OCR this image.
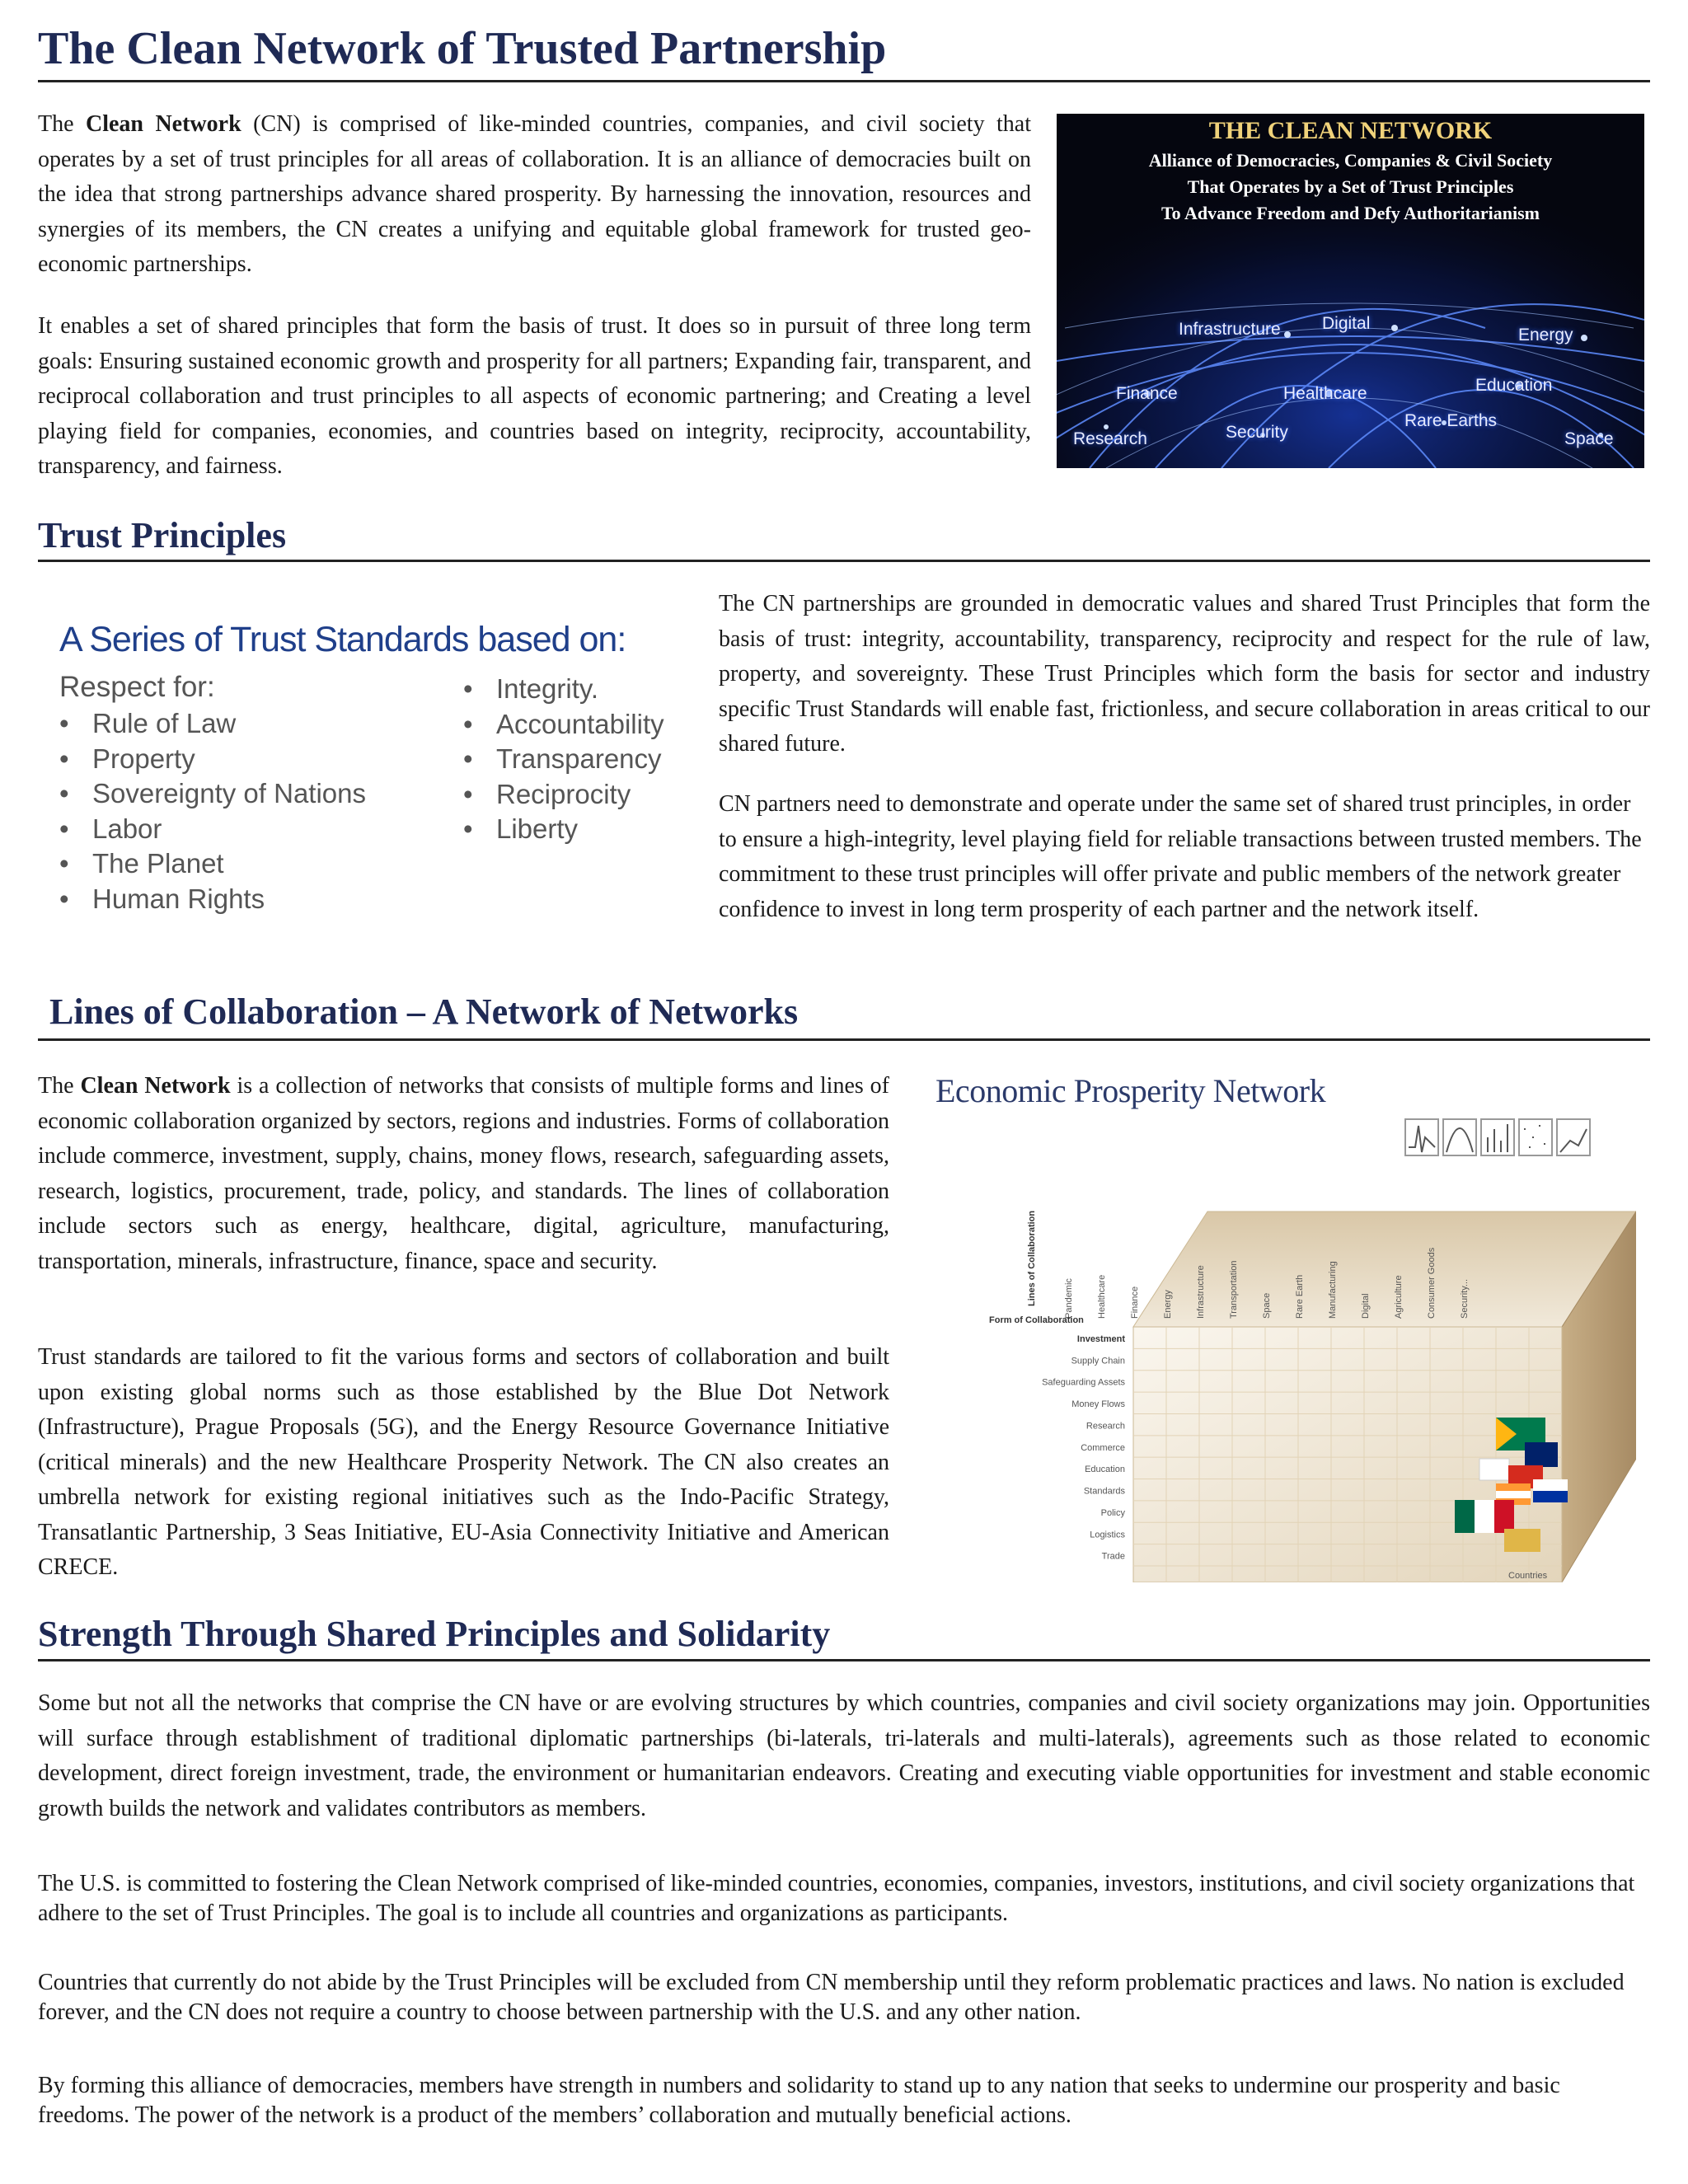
The Clean Network of Trusted Partnership
Trust Principles
Lines of Collaboration – A Network of Networks
Strength Through Shared Principles and Solidarity

The Clean Network (CN) is comprised of like-minded countries, companies, and civil society that operates by a set of trust principles for all areas of collaboration. It is an alliance of democracies built on the idea that strong partnerships advance shared prosperity. By harnessing the innovation, resources and synergies of its members, the CN creates a unifying and equitable global framework for trusted geo-economic partnerships.

It enables a set of shared principles that form the basis of trust. It does so in pursuit of three long term goals: Ensuring sustained economic growth and prosperity for all partners; Expanding fair, transparent, and reciprocal collaboration and trust principles to all aspects of economic partnering; and Creating a level playing field for companies, economies, and countries based on integrity, reciprocity, accountability, transparency, and fairness.

THE CLEAN NETWORK
Alliance of Democracies, Companies & Civil Society
That Operates by a Set of Trust Principles
To Advance Freedom and Defy Authoritarianism
Infrastructure Digital
Energy
Finance	Healthcare	Education
Rare Earths
Research	Security	Space
A Series of Trust Standards based on:
Respect for:
• Rule of Law
• Property
• Sovereignty of Nations
• Labor
• The Planet
• Human Rights
• Integrity.
• Accountability
• Transparency
• Reciprocity
• Liberty

The CN partnerships are grounded in democratic values and shared Trust Principles that form the basis of trust: integrity, accountability, transparency, reciprocity and respect for the rule of law, property, and sovereignty. These Trust Principles which form the basis for sector and industry specific Trust Standards will enable fast, frictionless, and secure collaboration in areas critical to our shared future.

CN partners need to demonstrate and operate under the same set of shared trust principles, in order to ensure a high-integrity, level playing field for reliable transactions between trusted members. The commitment to these trust principles will offer private and public members of the network greater confidence to invest in long term prosperity of each partner and the network itself.

The Clean Network is a collection of networks that consists of multiple forms and lines of economic collaboration organized by sectors, regions and industries. Forms of collaboration include commerce, investment, supply, chains, money flows, research, safeguarding assets, research, logistics, procurement, trade, policy, and standards. The lines of collaboration include sectors such as energy, healthcare, digital, agriculture, manufacturing, transportation, minerals, infrastructure, finance, space and security.

Trust standards are tailored to fit the various forms and sectors of collaboration and built upon existing global norms such as those established by the Blue Dot Network (Infrastructure), Prague Proposals (5G), and the Energy Resource Governance Initiative (critical minerals) and the new Healthcare Prosperity Network. The CN also creates an umbrella network for existing regional initiatives such as the Indo-Pacific Strategy, Transatlantic Partnership, 3 Seas Initiative, EU-Asia Connectivity Initiative and American CRECE.

Economic Prosperity Network
Pandemic	Healthcare	Finance	Energy	Infrastructure	Transportation	Space	Rare Earth	Manufacturing	Digital	Agriculture	Consumer Goods	Security...
Investment
Supply Chain
Safeguarding Assets
Money Flows
Research
Commerce
Education
Standards
Policy
Logistics
Trade
Countries
Lines of Collaboration
Form of Collaboration

Some but not all the networks that comprise the CN have or are evolving structures by which countries, companies and civil society organizations may join. Opportunities will surface through establishment of traditional diplomatic partnerships (bi-laterals, tri-laterals and multi-laterals), agreements such as those related to economic development, direct foreign investment, trade, the environment or humanitarian endeavors. Creating and executing viable opportunities for investment and stable economic growth builds the network and validates contributors as members.

The U.S. is committed to fostering the Clean Network comprised of like-minded countries, economies, companies, investors, institutions, and civil society organizations that adhere to the set of Trust Principles. The goal is to include all countries and organizations as participants.

Countries that currently do not abide by the Trust Principles will be excluded from CN membership until they reform problematic practices and laws. No nation is excluded forever, and the CN does not require a country to choose between partnership with the U.S. and any other nation.

By forming this alliance of democracies, members have strength in numbers and solidarity to stand up to any nation that seeks to undermine our prosperity and basic freedoms. The power of the network is a product of the members’ collaboration and mutually beneficial actions.
